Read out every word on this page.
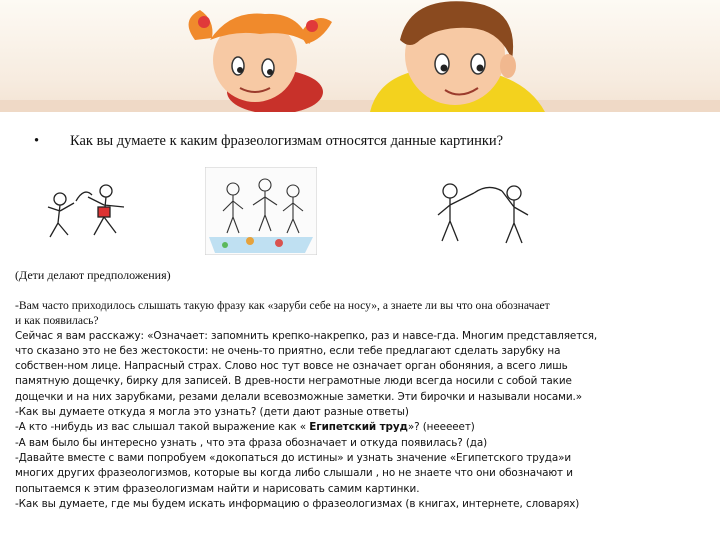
• Как вы думаете к каким фразеологизмам относятся данные картинки?
(Дети делают предположения)

-Вам часто приходилось слышать такую фразу как «заруби себе на носу», а знаете ли вы что она обозначает

и как появилась?

Сейчас я вам расскажу: «Означает: запомнить крепко-накрепко, раз и навсе-гда. Многим представляется,

что сказано это не без жестокости: не очень-то приятно, если тебе предлагают сделать зарубку на

собствен-ном лице. Напрасный страх. Слово нос тут вовсе не означает орган обоняния, а всего лишь

памятную дощечку, бирку для записей. В древ-ности неграмотные люди всегда носили с собой такие

дощечки и на них зарубками, резами делали всевозможные заметки. Эти бирочки и называли носами.»

-Как вы думаете откуда я могла это узнать? (дети дают разные ответы)

-А кто -нибудь из вас слышал такой выражение как « Египетский труд»? (нееееет)

-А вам было бы интересно узнать , что эта фраза обозначает и откуда появилась? (да)

-Давайте вместе с вами попробуем «докопаться до истины» и узнать значение «Египетского труда»и

многих других фразеологизмов, которые вы когда либо слышали , но не знаете что они обозначают и

попытаемся к этим фразеологизмам найти и нарисовать самим картинки.

-Как вы думаете, где мы будем искать информацию о фразеологизмах (в книгах, интернете, словарях)
